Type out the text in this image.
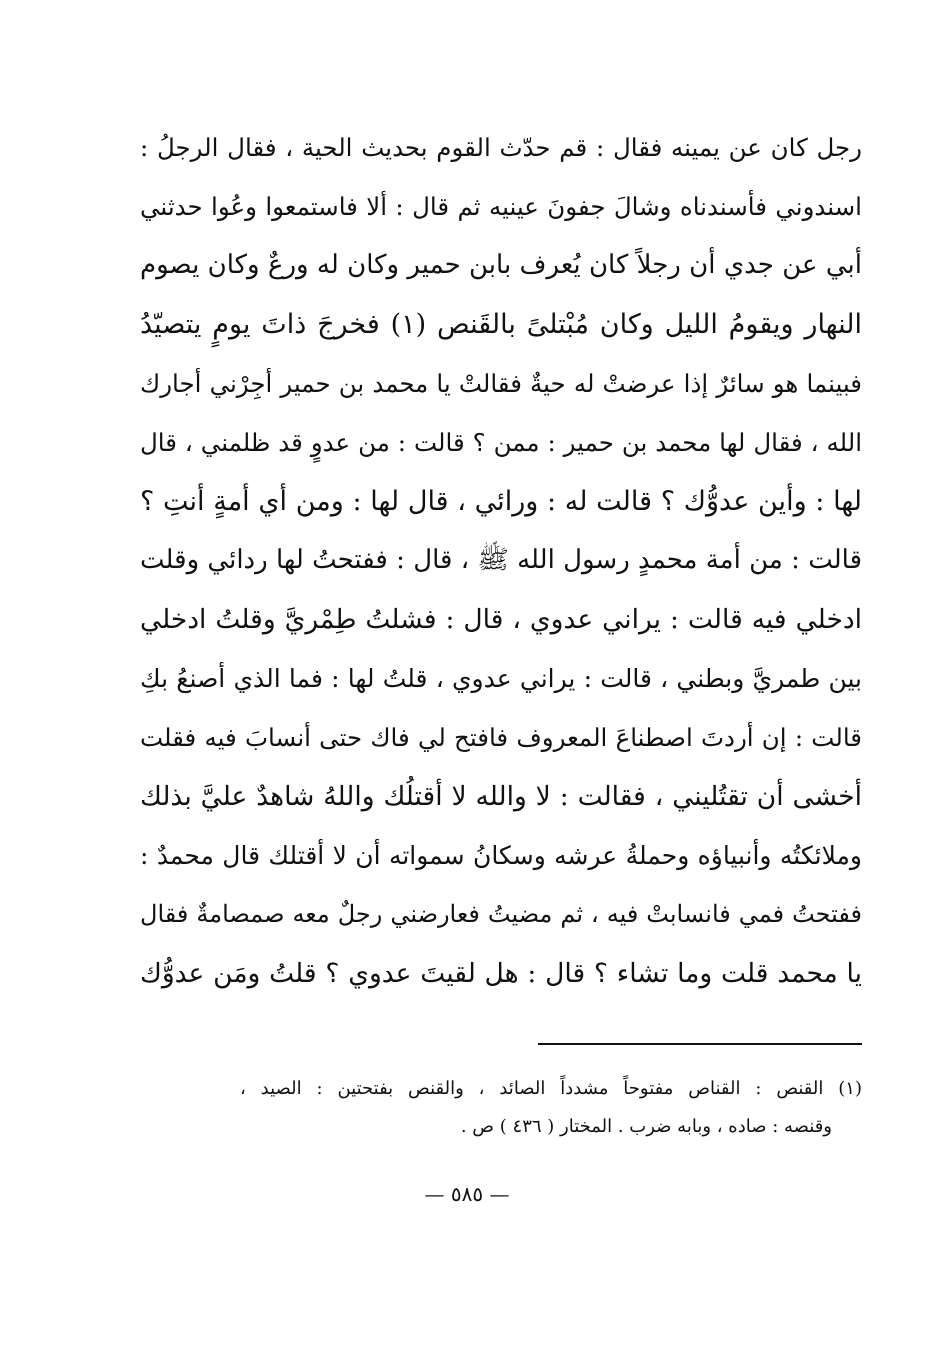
رجل كان عن يمينه فقال : قم حدّث القوم بحديث الحية ، فقال الرجلُ :
اسندوني فأسندناه وشالَ جفونَ عينيه ثم قال : ألا فاستمعوا وعُوا حدثني
أبي عن جدي أن رجلاً كان يُعرف بابن حمير وكان له ورعٌ وكان يصوم
النهار ويقومُ الليل وكان مُبْتلىً بالقَنص (١) فخرجَ ذاتَ يومٍ يتصيّدُ
فبينما هو سائرٌ إذا عرضتْ له حيةٌ فقالتْ يا محمد بن حمير أجِرْني أجارك
الله ، فقال لها محمد بن حمير : ممن ؟ قالت : من عدوٍ قد ظلمني ، قال
لها : وأين عدوُّك ؟ قالت له : ورائي ، قال لها : ومن أي أمةٍ أنتِ ؟
قالت : من أمة محمدٍ رسول الله ﷺ ، قال : ففتحتُ لها ردائي وقلت
ادخلي فيه قالت : يراني عدوي ، قال : فشلتُ طِمْريَّ وقلتُ ادخلي
بين طمريَّ وبطني ، قالت : يراني عدوي ، قلتُ لها : فما الذي أصنعُ بكِ
قالت : إن أردتَ اصطناعَ المعروف فافتح لي فاك حتى أنسابَ فيه فقلت
أخشى أن تقتُليني ، فقالت : لا والله لا أقتلُك واللهُ شاهدٌ عليَّ بذلك
وملائكتُه وأنبياؤه وحملةُ عرشه وسكانُ سمواته أن لا أقتلك قال محمدٌ :
ففتحتُ فمي فانسابتْ فيه ، ثم مضيتُ فعارضني رجلٌ معه صمصامةٌ فقال
يا محمد قلت وما تشاء ؟ قال : هل لقيتَ عدوي ؟ قلتُ ومَن عدوُّك
(١) القنص : القناص مفتوحاً مشدداً الصائد ، والقنص بفتحتين : الصيد ،
وقنصه : صاده ، وبابه ضرب . المختار ( ٤٣٦ ) ص .
— ٥٨٥ —
